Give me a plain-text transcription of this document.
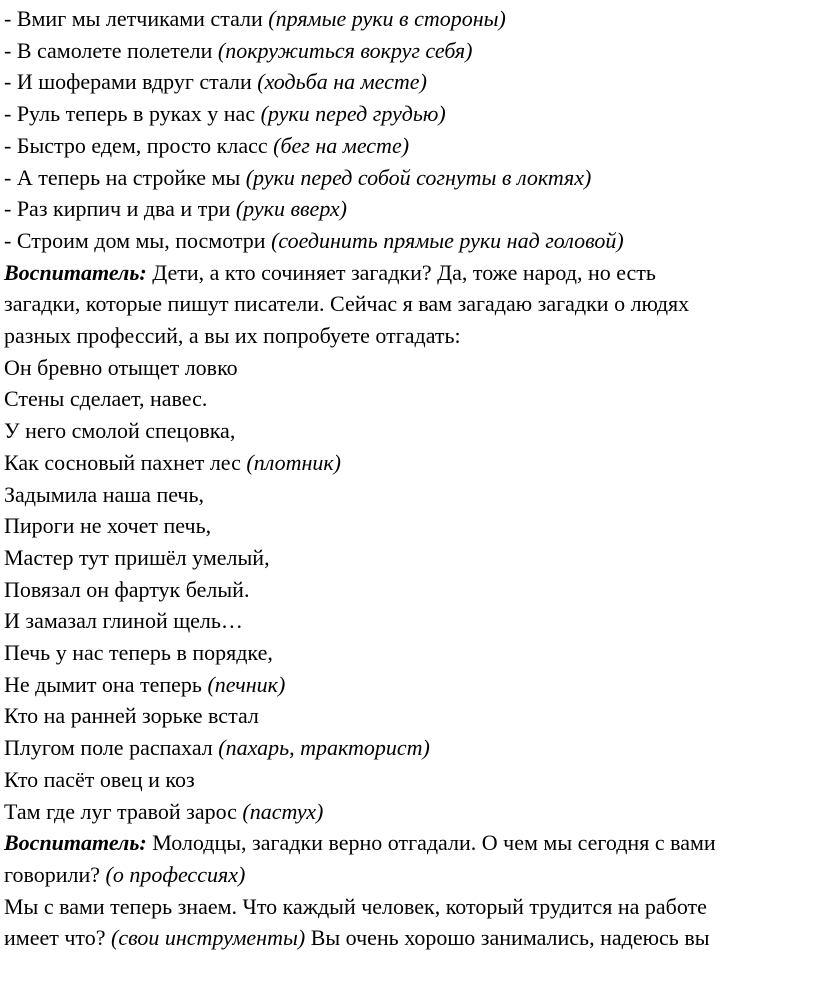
- Вмиг мы летчиками стали (прямые руки в стороны)
- В самолете полетели (покружиться вокруг себя)
- И шоферами вдруг стали (ходьба на месте)
- Руль теперь в руках у нас (руки перед грудью)
- Быстро едем, просто класс (бег на месте)
- А теперь на стройке мы (руки перед собой согнуты в локтях)
- Раз кирпич и два и три (руки вверх)
- Строим дом мы, посмотри (соединить прямые руки над головой)
Воспитатель: Дети, а кто сочиняет загадки? Да, тоже народ, но есть
загадки, которые пишут писатели. Сейчас я вам загадаю загадки о людях
разных профессий, а вы их попробуете отгадать:
Он бревно отыщет ловко
Стены сделает, навес.
У него смолой спецовка,
Как сосновый пахнет лес (плотник)
Задымила наша печь,
Пироги не хочет печь,
Мастер тут пришёл умелый,
Повязал он фартук белый.
И замазал глиной щель…
Печь у нас теперь в порядке,
Не дымит она теперь (печник)
Кто на ранней зорьке встал
Плугом поле распахал (пахарь, тракторист)
Кто пасёт овец и коз
Там где луг травой зарос (пастух)
Воспитатель: Молодцы, загадки верно отгадали. О чем мы сегодня с вами
говорили? (о профессиях)
Мы с вами теперь знаем. Что каждый человек, который трудится на работе
имеет что? (свои инструменты) Вы очень хорошо занимались, надеюсь вы
